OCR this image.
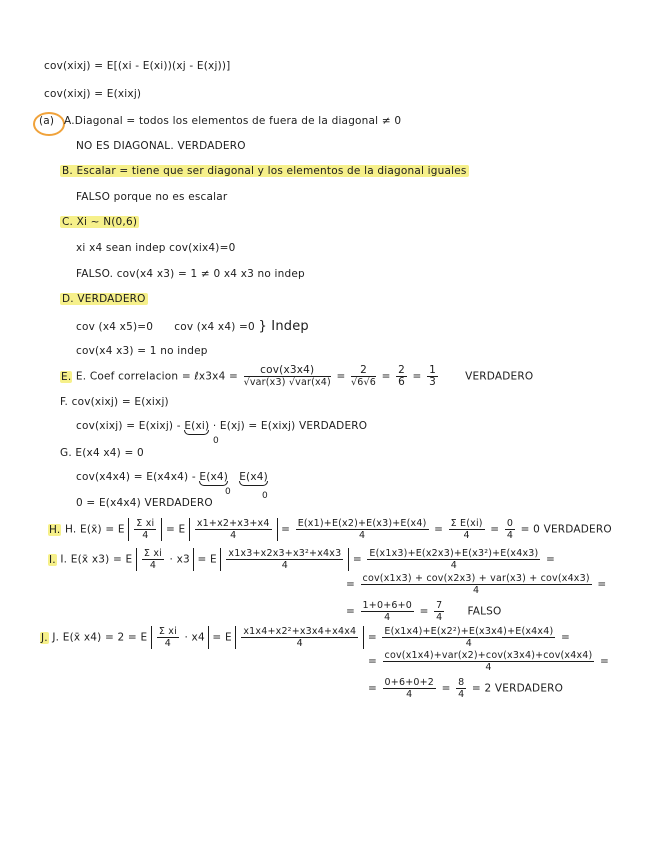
cov(xixj) = E[(xi - E(xi))(xj - E(xj))]
cov(xixj) = E(xixj)
(a) A.Diagonal = todos los elementos de fuera de la diagonal ≠ 0
NO ES DIAGONAL. VERDADERO
B. Escalar = tiene que ser diagonal y los elementos de la diagonal iguales
FALSO porque no es escalar
C. Xi ~ N(0,6)
xi x4 sean indep cov(xix4)=0
FALSO. cov(x4 x3) = 1 ≠ 0 x4 x3 no indep
D. VERDADERO
cov (x4 x5)=0 cov (x4 x4) =0 } Indep
cov(x4 x3) = 1 no indep
E. E. Coef correlacion = ℓx3x4 = $\frac{\text{cov(x3x4)}}{\text{√var(x3) √var(x4)}} = \frac{2}{√6√6} = \frac{2}{6} = \frac{1}{3}$	VERDADERO
F. cov(xixj) = E(xixj)
cov(xixj) = E(xixj) - E(xi) · E(xj) = E(xixj) VERDADERO
0
G. E(x4 x4) = 0
cov(x4x4) = E(x4x4) - E(x4) E(x4)
0	0
0 = E(x4x4) VERDADERO
H. H. E(x̄) = E $\frac{\text{Σ xi}}{4} = E \frac{x1+x2+x3+x4}{4} = \frac{E(x1)+E(x2)+E(x3)+E(x4)}{4} = \frac{\text{Σ E(xi)}}{4} = \frac{0}{4} = 0$ VERDADERO
I. I. E(x̄ x3) = E $\frac{\text{Σ xi}}{4} \cdot x3 = E \frac{\text{x1x3+x2x3+x3²+x4x3}}{4} = \frac{\text{E(x1x3)+E(x2x3)+E(x3²)+E(x4x3)}}{4}$ =
= $\frac{\text{cov(x1x3) + cov(x2x3) + var(x3) + cov(x4x3)}}{4}$ =
= $\frac{1+0+6+0}{4} = \frac{7}{4}$ FALSO
J. J. E(x̄ x4) = 2 = E $\frac{\text{Σ xi}}{4} \cdot x4 = E \frac{\text{x1x4+x2²+x3x4+x4x4}}{4} = \frac{\text{E(x1x4)+E(x2²)+E(x3x4)+E(x4x4)}}{4}$ =
= $\frac{\text{cov(x1x4)+var(x2)+cov(x3x4)+cov(x4x4)}}{4}$ =
= $\frac{0+6+0+2}{4} = \frac{8}{4} = 2$ VERDADERO
